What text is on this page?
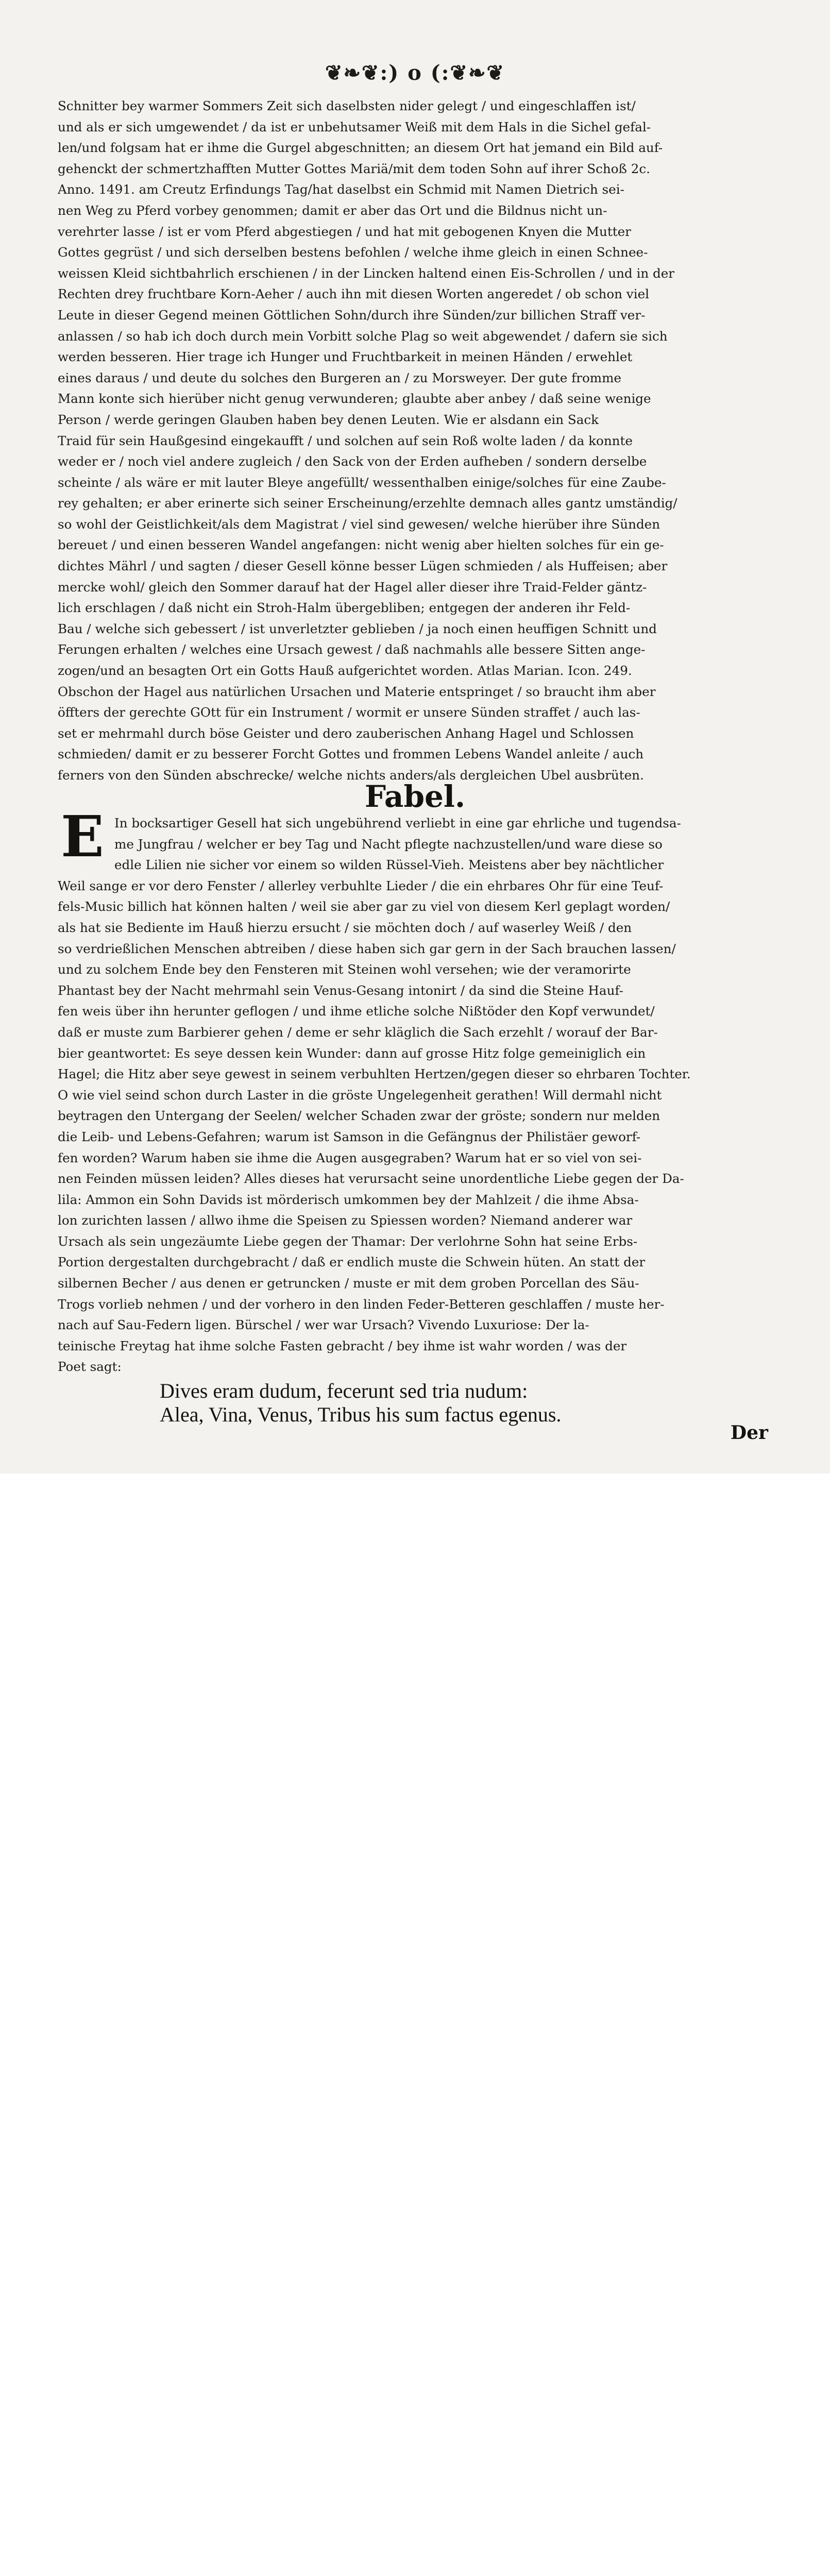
❦❧❦:) o (:❦❧❦
Schnitter bey warmer Sommers Zeit sich daselbsten nider gelegt / und eingeschlaffen ist/
und als er sich umgewendet / da ist er unbehutsamer Weiß mit dem Hals in die Sichel gefal-
len/und folgsam hat er ihme die Gurgel abgeschnitten; an diesem Ort hat jemand ein Bild auf-
gehenckt der schmertzhafften Mutter Gottes Mariä/mit dem toden Sohn auf ihrer Schoß 2c.
Anno. 1491. am Creutz Erfindungs Tag/hat daselbst ein Schmid mit Namen Dietrich sei-
nen Weg zu Pferd vorbey genommen; damit er aber das Ort und die Bildnus nicht un-
verehrter lasse / ist er vom Pferd abgestiegen / und hat mit gebogenen Knyen die Mutter
Gottes gegrüst / und sich derselben bestens befohlen / welche ihme gleich in einen Schnee-
weissen Kleid sichtbahrlich erschienen / in der Lincken haltend einen Eis-Schrollen / und in der
Rechten drey fruchtbare Korn-Aeher / auch ihn mit diesen Worten angeredet / ob schon viel
Leute in dieser Gegend meinen Göttlichen Sohn/durch ihre Sünden/zur billichen Straff ver-
anlassen / so hab ich doch durch mein Vorbitt solche Plag so weit abgewendet / dafern sie sich
werden besseren. Hier trage ich Hunger und Fruchtbarkeit in meinen Händen / erwehlet
eines daraus / und deute du solches den Burgeren an / zu Morsweyer. Der gute fromme
Mann konte sich hierüber nicht genug verwunderen; glaubte aber anbey / daß seine wenige
Person / werde geringen Glauben haben bey denen Leuten. Wie er alsdann ein Sack
Traid für sein Haußgesind eingekaufft / und solchen auf sein Roß wolte laden / da konnte
weder er / noch viel andere zugleich / den Sack von der Erden aufheben / sondern derselbe
scheinte / als wäre er mit lauter Bleye angefüllt/ wessenthalben einige/solches für eine Zaube-
rey gehalten; er aber erinerte sich seiner Erscheinung/erzehlte demnach alles gantz umständig/
so wohl der Geistlichkeit/als dem Magistrat / viel sind gewesen/ welche hierüber ihre Sünden
bereuet / und einen besseren Wandel angefangen: nicht wenig aber hielten solches für ein ge-
dichtes Mährl / und sagten / dieser Gesell könne besser Lügen schmieden / als Huffeisen; aber
mercke wohl/ gleich den Sommer darauf hat der Hagel aller dieser ihre Traid-Felder gäntz-
lich erschlagen / daß nicht ein Stroh-Halm übergebliben; entgegen der anderen ihr Feld-
Bau / welche sich gebessert / ist unverletzter geblieben / ja noch einen heuffigen Schnitt und
Ferungen erhalten / welches eine Ursach gewest / daß nachmahls alle bessere Sitten ange-
zogen/und an besagten Ort ein Gotts Hauß aufgerichtet worden. Atlas Marian. Icon. 249.
Obschon der Hagel aus natürlichen Ursachen und Materie entspringet / so braucht ihm aber
öffters der gerechte GOtt für ein Instrument / wormit er unsere Sünden straffet / auch las-
set er mehrmahl durch böse Geister und dero zauberischen Anhang Hagel und Schlossen
schmieden/ damit er zu besserer Forcht Gottes und frommen Lebens Wandel anleite / auch
ferners von den Sünden abschrecke/ welche nichts anders/als dergleichen Ubel ausbrüten.
Fabel.
E In bocksartiger Gesell hat sich ungebührend verliebt in eine gar ehrliche und tugendsa-
me Jungfrau / welcher er bey Tag und Nacht pflegte nachzustellen/und ware diese so
edle Lilien nie sicher vor einem so wilden Rüssel-Vieh. Meistens aber bey nächtlicher
Weil sange er vor dero Fenster / allerley verbuhlte Lieder / die ein ehrbares Ohr für eine Teuf-
fels-Music billich hat können halten / weil sie aber gar zu viel von diesem Kerl geplagt worden/
als hat sie Bediente im Hauß hierzu ersucht / sie möchten doch / auf waserley Weiß / den
so verdrießlichen Menschen abtreiben / diese haben sich gar gern in der Sach brauchen lassen/
und zu solchem Ende bey den Fensteren mit Steinen wohl versehen; wie der veramorirte
Phantast bey der Nacht mehrmahl sein Venus-Gesang intonirt / da sind die Steine Hauf-
fen weis über ihn herunter geflogen / und ihme etliche solche Nißtöder den Kopf verwundet/
daß er muste zum Barbierer gehen / deme er sehr kläglich die Sach erzehlt / worauf der Bar-
bier geantwortet: Es seye dessen kein Wunder: dann auf grosse Hitz folge gemeiniglich ein
Hagel; die Hitz aber seye gewest in seinem verbuhlten Hertzen/gegen dieser so ehrbaren Tochter.
O wie viel seind schon durch Laster in die gröste Ungelegenheit gerathen! Will dermahl nicht
beytragen den Untergang der Seelen/ welcher Schaden zwar der gröste; sondern nur melden
die Leib- und Lebens-Gefahren; warum ist Samson in die Gefängnus der Philistäer geworf-
fen worden? Warum haben sie ihme die Augen ausgegraben? Warum hat er so viel von sei-
nen Feinden müssen leiden? Alles dieses hat verursacht seine unordentliche Liebe gegen der Da-
lila: Ammon ein Sohn Davids ist mörderisch umkommen bey der Mahlzeit / die ihme Absa-
lon zurichten lassen / allwo ihme die Speisen zu Spiessen worden? Niemand anderer war
Ursach als sein ungezäumte Liebe gegen der Thamar: Der verlohrne Sohn hat seine Erbs-
Portion dergestalten durchgebracht / daß er endlich muste die Schwein hüten. An statt der
silbernen Becher / aus denen er getruncken / muste er mit dem groben Porcellan des Säu-
Trogs vorlieb nehmen / und der vorhero in den linden Feder-Betteren geschlaffen / muste her-
nach auf Sau-Federn ligen. Bürschel / wer war Ursach? Vivendo Luxuriose: Der la-
teinische Freytag hat ihme solche Fasten gebracht / bey ihme ist wahr worden / was der
Poet sagt:
Dives eram dudum, fecerunt sed tria nudum:
Alea, Vina, Venus, Tribus his sum factus egenus.
Der
